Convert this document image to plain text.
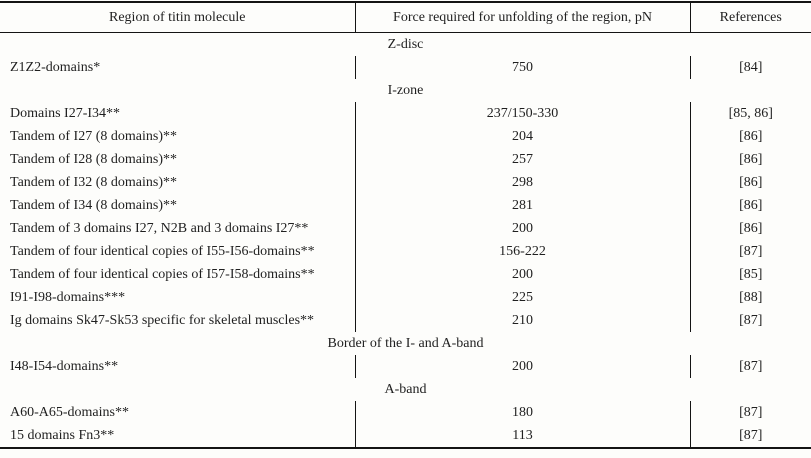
Region of titin molecule	Force required for unfolding of the region, pN	References
Z-disc		
Z1Z2-domains*	750	[84]
I-zone		
Domains I27-I34**	237/150-330	[85, 86]
Tandem of I27 (8 domains)**	204	[86]
Tandem of I28 (8 domains)**	257	[86]
Tandem of I32 (8 domains)**	298	[86]
Tandem of I34 (8 domains)**	281	[86]
Tandem of 3 domains I27, N2B and 3 domains I27**	200	[86]
Tandem of four identical copies of I55-I56-domains**	156-222	[87]
Tandem of four identical copies of I57-I58-domains**	200	[85]
I91-I98-domains***	225	[88]
Ig domains Sk47-Sk53 specific for skeletal muscles**	210	[87]
Border of the I- and A-band		
I48-I54-domains**	200	[87]
A-band		
A60-A65-domains**	180	[87]
15 domains Fn3**	113	[87]
